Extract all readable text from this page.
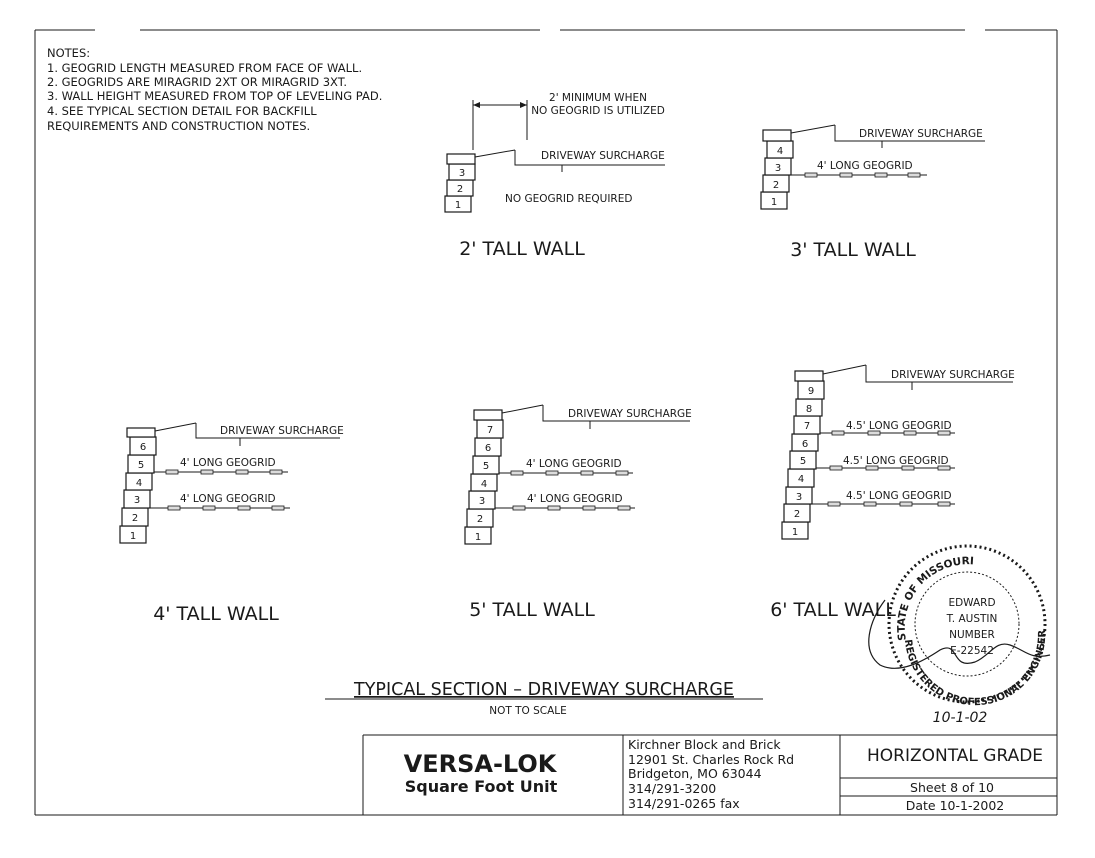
NOTES:
1. GEOGRID LENGTH MEASURED FROM FACE OF WALL.
2. GEOGRIDS ARE MIRAGRID 2XT OR MIRAGRID 3XT.
3. WALL HEIGHT MEASURED FROM TOP OF LEVELING PAD.
4. SEE TYPICAL SECTION DETAIL FOR BACKFILL
REQUIREMENTS AND CONSTRUCTION NOTES.
1
2
3
2' MINIMUM WHEN
NO GEOGRID IS UTILIZED
DRIVEWAY SURCHARGE
NO GEOGRID REQUIRED
2' TALL WALL
1
2
3
4
DRIVEWAY SURCHARGE
4' LONG GEOGRID
3' TALL WALL
1
2
3
4
5
6
DRIVEWAY SURCHARGE
4' LONG GEOGRID
4' LONG GEOGRID
4' TALL WALL
1
2
3
4
5
6
7
DRIVEWAY SURCHARGE
4' LONG GEOGRID
4' LONG GEOGRID
5' TALL WALL
1
2
3
4
5
6
7
8
9
DRIVEWAY SURCHARGE
4.5' LONG GEOGRID
4.5' LONG GEOGRID
4.5' LONG GEOGRID
6' TALL WALL
STATE OF MISSOURI
REGISTERED PROFESSIONAL ENGINEER
EDWARD
T. AUSTIN
NUMBER
E-22542
10-1-02
TYPICAL SECTION – DRIVEWAY SURCHARGE
NOT TO SCALE
VERSA-LOK
Square Foot Unit
Kirchner Block and Brick
12901 St. Charles Rock Rd
Bridgeton, MO 63044
314/291-3200
314/291-0265 fax
HORIZONTAL GRADE
Sheet 8 of 10
Date 10-1-2002
